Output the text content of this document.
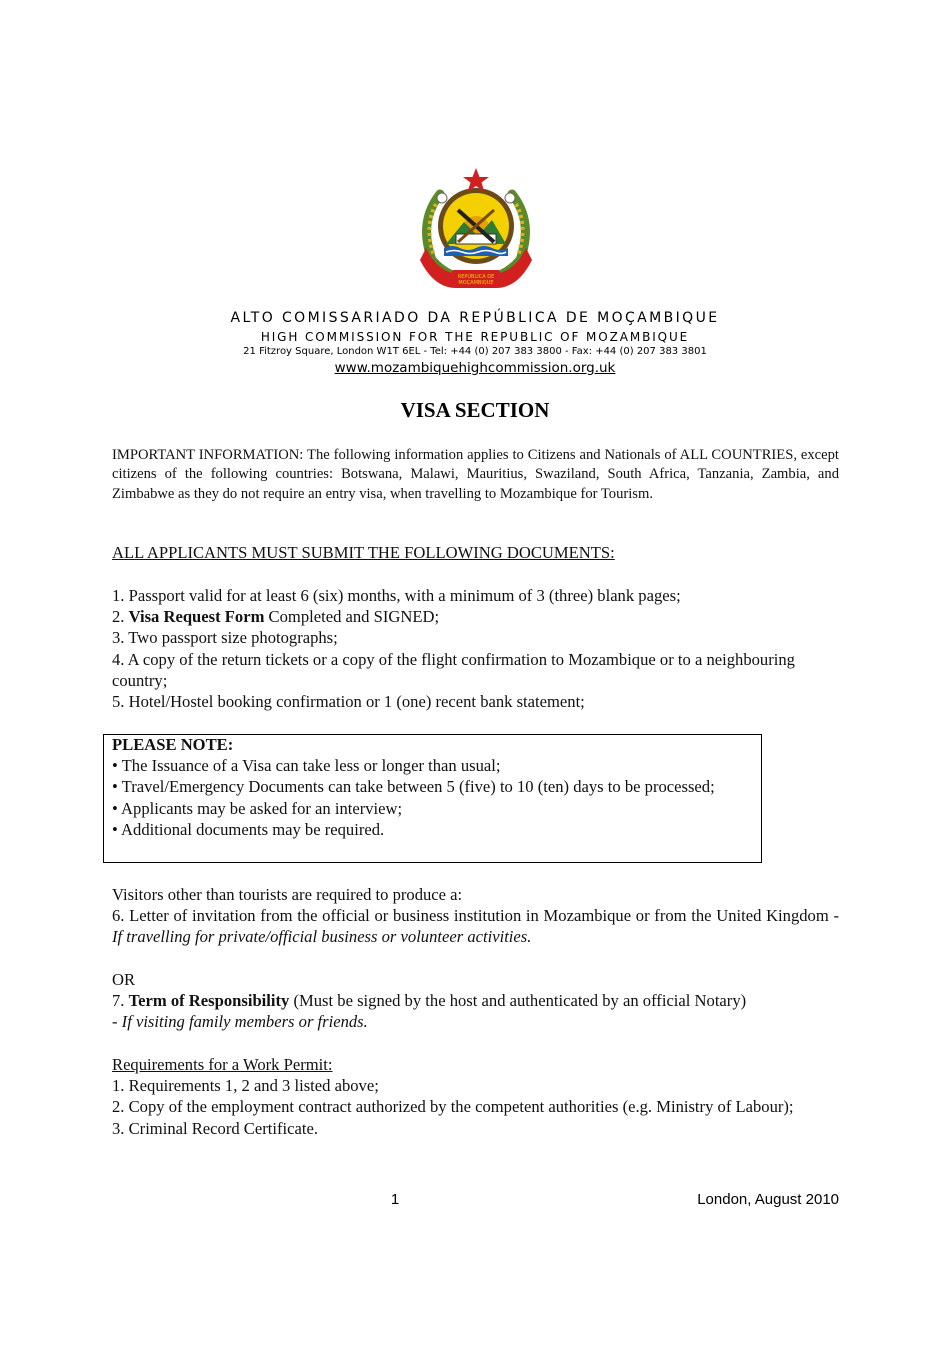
REPÚBLICA DE
MOÇAMBIQUE
ALTO COMISSARIADO DA REPÚBLICA DE MOÇAMBIQUE
HIGH COMMISSION FOR THE REPUBLIC OF MOZAMBIQUE
21 Fitzroy Square, London W1T 6EL - Tel: +44 (0) 207 383 3800 - Fax: +44 (0) 207 383 3801
www.mozambiquehighcommission.org.uk
VISA SECTION
IMPORTANT INFORMATION: The following information applies to Citizens and Nationals of ALL COUNTRIES, except citizens of the following countries: Botswana, Malawi, Mauritius, Swaziland, South Africa, Tanzania, Zambia, and Zimbabwe as they do not require an entry visa, when travelling to Mozambique for Tourism.
ALL APPLICANTS MUST SUBMIT THE FOLLOWING DOCUMENTS:
1. Passport valid for at least 6 (six) months, with a minimum of 3 (three) blank pages;
2. Visa Request Form Completed and SIGNED;
3. Two passport size photographs;
4. A copy of the return tickets or a copy of the flight confirmation to Mozambique or to a neighbouring country;
5. Hotel/Hostel booking confirmation or 1 (one) recent bank statement;
PLEASE NOTE:
• The Issuance of a Visa can take less or longer than usual;
• Travel/Emergency Documents can take between 5 (five) to 10 (ten) days to be processed;
• Applicants may be asked for an interview;
• Additional documents may be required.
Visitors other than tourists are required to produce a:
6. Letter of invitation from the official or business institution in Mozambique or from the United Kingdom - If travelling for private/official business or volunteer activities.
OR
7. Term of Responsibility (Must be signed by the host and authenticated by an official Notary)
- If visiting family members or friends.
Requirements for a Work Permit:
1. Requirements 1, 2 and 3 listed above;
2. Copy of the employment contract authorized by the competent authorities (e.g. Ministry of Labour);
3. Criminal Record Certificate.
1	London, August 2010
